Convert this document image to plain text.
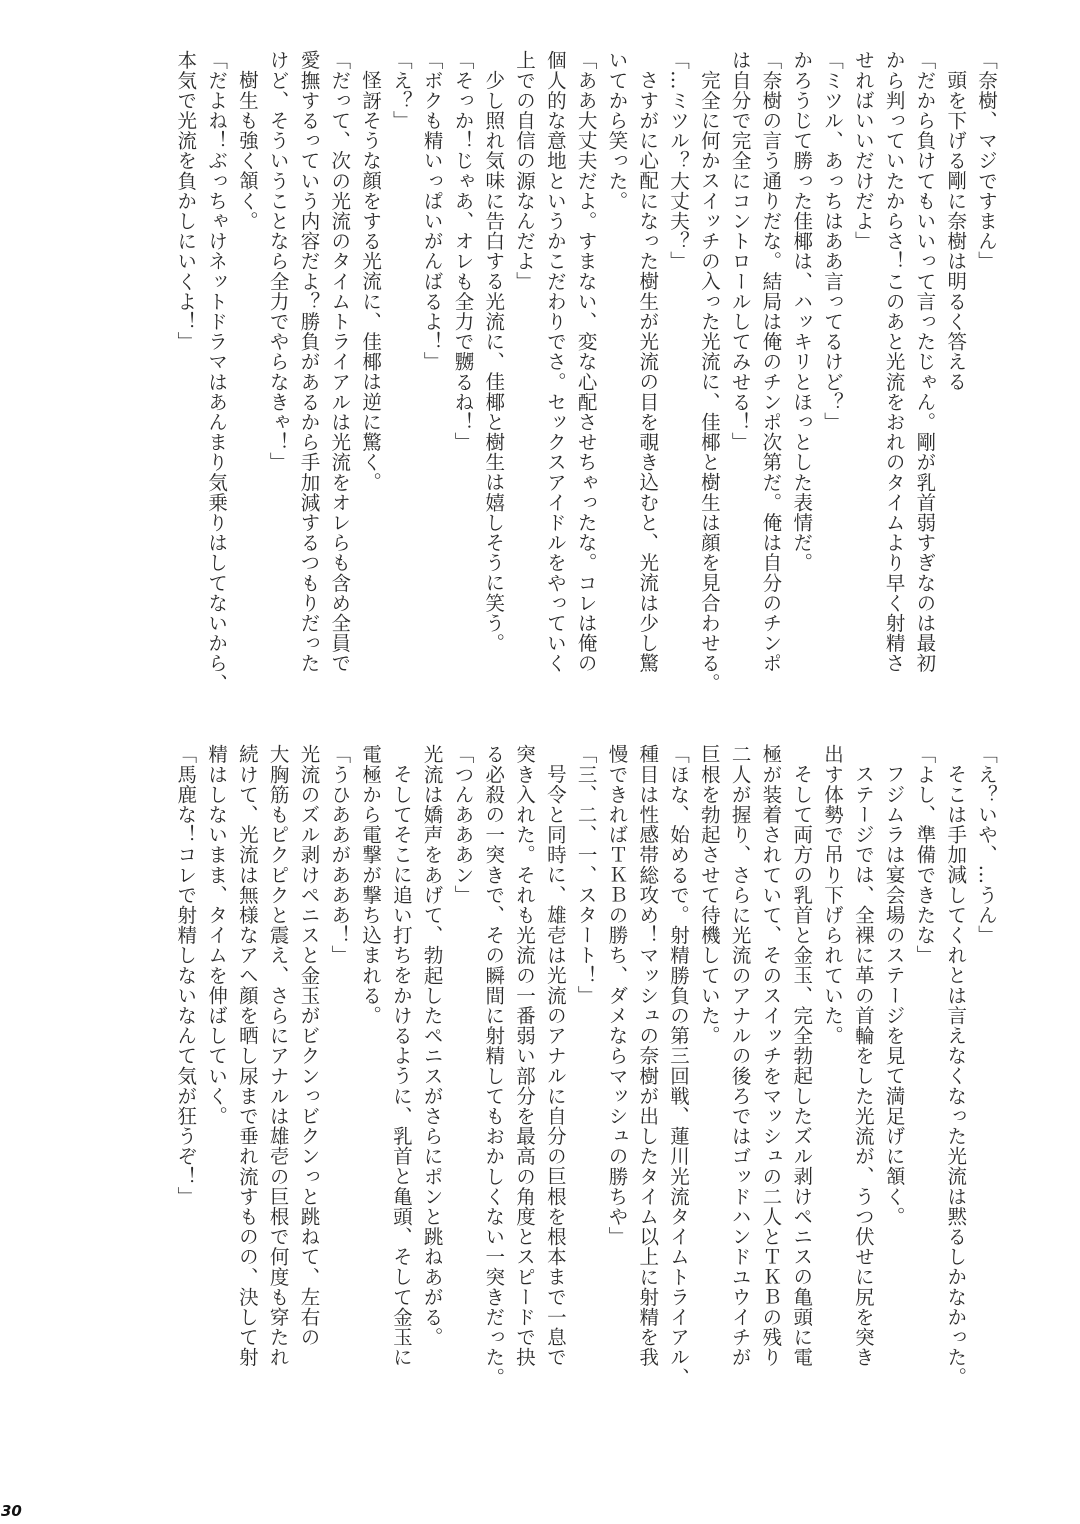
「奈樹、マジですまん」
頭を下げる剛に奈樹は明るく答える
「だから負けてもいいって言ったじゃん。剛が乳首弱すぎなのは最初
から判っていたからさ！このあと光流をおれのタイムより早く射精さ
せればいいだけだよ」
「ミツル、あっちはああ言ってるけど？」
かろうじて勝った佳椰は、ハッキリとほっとした表情だ。
「奈樹の言う通りだな。結局は俺のチンポ次第だ。俺は自分のチンポ
は自分で完全にコントロールしてみせる！」
完全に何かスイッチの入った光流に、佳椰と樹生は顔を見合わせる。
「…ミツル？大丈夫？」
さすがに心配になった樹生が光流の目を覗き込むと、光流は少し驚
いてから笑った。
「ああ大丈夫だよ。すまない、変な心配させちゃったな。コレは俺の
個人的な意地というかこだわりでさ。セックスアイドルをやっていく
上での自信の源なんだよ」
少し照れ気味に告白する光流に、佳椰と樹生は嬉しそうに笑う。
「そっか！じゃあ、オレも全力で嬲るね！」
「ボクも精いっぱいがんばるよ！」
「え？」
怪訝そうな顔をする光流に、佳椰は逆に驚く。
「だって、次の光流のタイムトライアルは光流をオレらも含め全員で
愛撫するっていう内容だよ？勝負があるから手加減するつもりだった
けど、そういうことなら全力でやらなきゃ！」
樹生も強く頷く。
「だよね！ぶっちゃけネットドラマはあんまり気乗りはしてないから、
本気で光流を負かしにいくよ！」
「え？いや、…うん」
そこは手加減してくれとは言えなくなった光流は黙るしかなかった。
「よし、準備できたな」
フジムラは宴会場のステージを見て満足げに頷く。
ステージでは、全裸に革の首輪をした光流が、うつ伏せに尻を突き
出す体勢で吊り下げられていた。
そして両方の乳首と金玉、完全勃起したズル剥けペニスの亀頭に電
極が装着されていて、そのスイッチをマッシュの二人とＴＫＢの残り
二人が握り、さらに光流のアナルの後ろではゴッドハンドユウイチが
巨根を勃起させて待機していた。
「ほな、始めるで。射精勝負の第三回戦、蓮川光流タイムトライアル、
種目は性感帯総攻め！マッシュの奈樹が出したタイム以上に射精を我
慢できればＴＫＢの勝ち、ダメならマッシュの勝ちや」
「三、二、一、スタート！」
号令と同時に、雄壱は光流のアナルに自分の巨根を根本まで一息で
突き入れた。それも光流の一番弱い部分を最高の角度とスピードで抉
る必殺の一突きで、その瞬間に射精してもおかしくない一突きだった。
「つんあああン」
光流は嬌声をあげて、勃起したペニスがさらにポンと跳ねあがる。
そしてそこに追い打ちをかけるように、乳首と亀頭、そして金玉に
電極から電撃が撃ち込まれる。
「うひああがあああ！」
光流のズル剥けペニスと金玉がビクンっビクンっと跳ねて、左右の
大胸筋もピクピクと震え、さらにアナルは雄壱の巨根で何度も穿たれ
続けて、光流は無様なアヘ顔を晒し尿まで垂れ流すものの、決して射
精はしないまま、タイムを伸ばしていく。
「馬鹿な！コレで射精しないなんて気が狂うぞ！」
30
